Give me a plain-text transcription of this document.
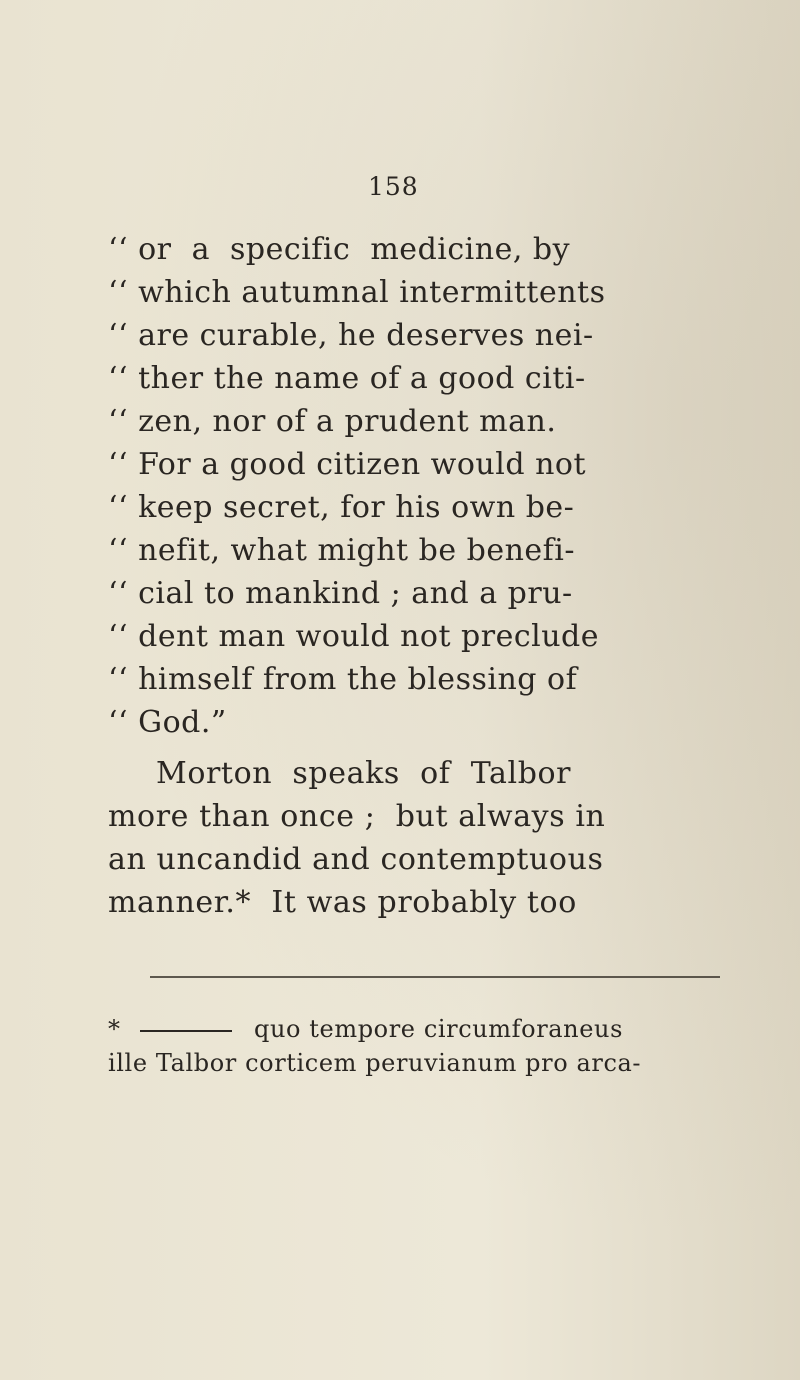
158
‘‘ or  a  specific  medicine, by
‘‘ which autumnal intermittents
‘‘ are curable, he deserves nei-
‘‘ ther the name of a good citi-
‘‘ zen, nor of a prudent man.
‘‘ For a good citizen would not
‘‘ keep secret, for his own be-
‘‘ nefit, what might be benefi-
‘‘ cial to mankind ; and a pru-
‘‘ dent man would not preclude
‘‘ himself from the blessing of
‘‘ God.”
Morton  speaks  of  Talbor
more than once ;  but always in
an uncandid and contemptuous
manner.*  It was probably too
*	quo tempore circumforaneus
ille Talbor corticem peruvianum pro arca-
